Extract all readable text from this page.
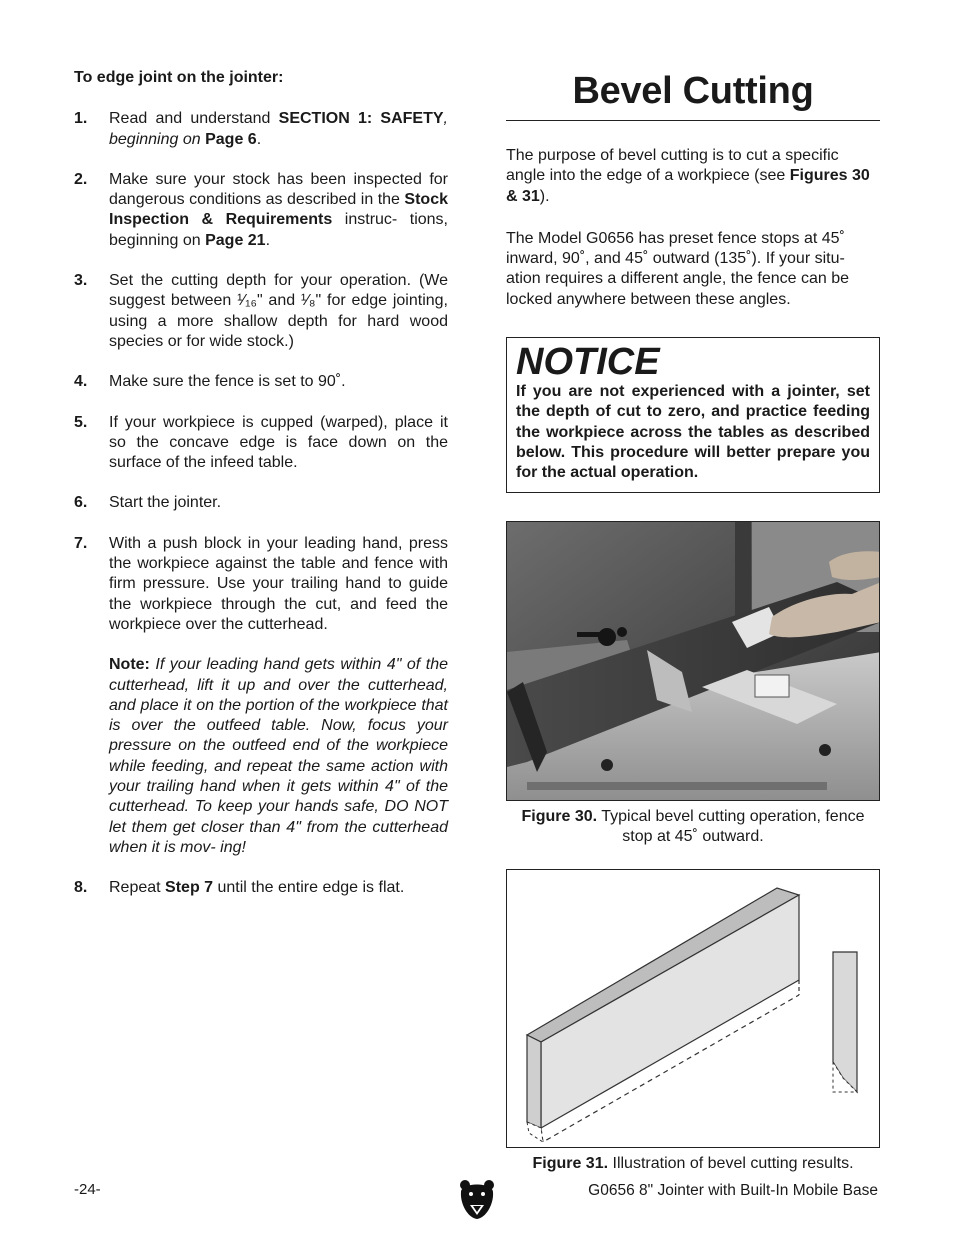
To edge joint on the jointer:
1.	Read and understand SECTION 1: SAFETY, beginning on Page 6.
2.	Make sure your stock has been inspected for dangerous conditions as described in the Stock Inspection & Requirements instruc- tions, beginning on Page 21.
3.	Set the cutting depth for your operation. (We suggest between ¹⁄₁₆" and ¹⁄₈" for edge jointing, using a more shallow depth for hard wood species or for wide stock.)
4.	Make sure the fence is set to 90˚.
5.	If your workpiece is cupped (warped), place it so the concave edge is face down on the surface of the infeed table.
6.	Start the jointer.
7.	With a push block in your leading hand, press the workpiece against the table and fence with firm pressure. Use your trailing hand to guide the workpiece through the cut, and feed the workpiece over the cutterhead.
Note: If your leading hand gets within 4" of the cutterhead, lift it up and over the cutterhead, and place it on the portion of the workpiece that is over the outfeed table. Now, focus your pressure on the outfeed end of the workpiece while feeding, and repeat the same action with your trailing hand when it gets within 4" of the cutterhead. To keep your hands safe, DO NOT let them get closer than 4" from the cutterhead when it is mov- ing!
8.	Repeat Step 7 until the entire edge is flat.
Bevel Cutting

The purpose of bevel cutting is to cut a specific angle into the edge of a workpiece (see Figures 30 & 31).

The Model G0656 has preset fence stops at 45˚ inward, 90˚, and 45˚ outward (135˚). If your situ- ation requires a different angle, the fence can be locked anywhere between these angles.

NOTICE

If you are not experienced with a jointer, set the depth of cut to zero, and practice feeding the workpiece across the tables as described below. This procedure will better prepare you for the actual operation.

Figure 30. Typical bevel cutting operation, fence stop at 45˚ outward.
Figure 31. Illustration of bevel cutting results.
-24-	G0656 8" Jointer with Built-In Mobile Base
